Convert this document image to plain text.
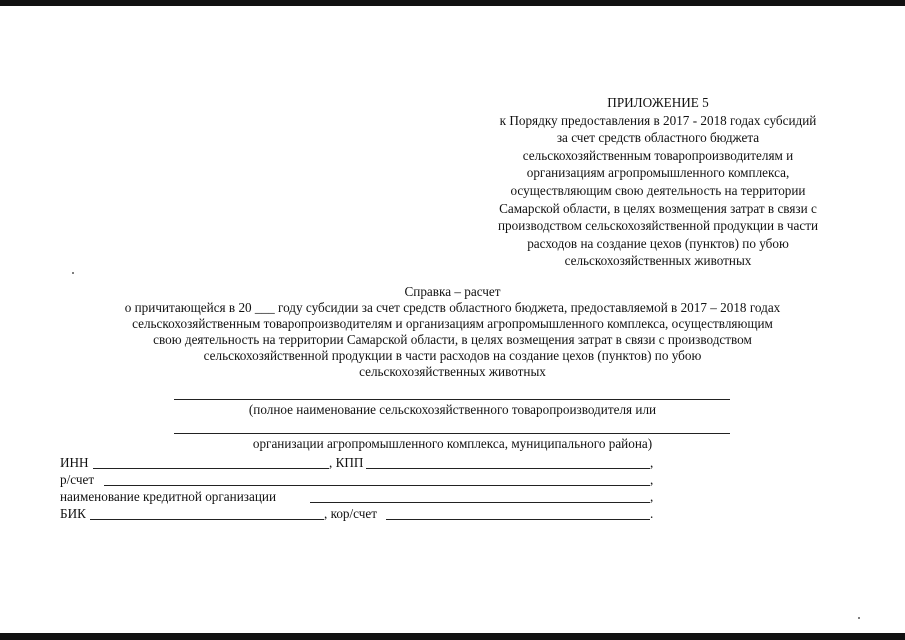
ПРИЛОЖЕНИЕ 5
к Порядку предоставления в 2017 - 2018 годах субсидий
за счет средств областного бюджета
сельскохозяйственным товаропроизводителям и
организациям агропромышленного комплекса,
осуществляющим свою деятельность на территории
Самарской области, в целях возмещения затрат в связи с
производством сельскохозяйственной продукции в части
расходов на создание цехов (пунктов) по убою
сельскохозяйственных животных
Справка – расчет
о причитающейся в 20 ___ году субсидии за счет средств областного бюджета, предоставляемой в 2017 – 2018 годах
сельскохозяйственным товаропроизводителям и организациям агропромышленного комплекса, осуществляющим
свою деятельность на территории Самарской области, в целях возмещения затрат в связи с производством
сельскохозяйственной продукции в части расходов на создание цехов (пунктов) по убою
сельскохозяйственных животных
(полное наименование сельскохозяйственного товаропроизводителя или
организации агропромышленного комплекса, муниципального района)
ИНН	, КПП	,
р/счет	,
наименование кредитной организации	,
БИК	, кор/счет	.
